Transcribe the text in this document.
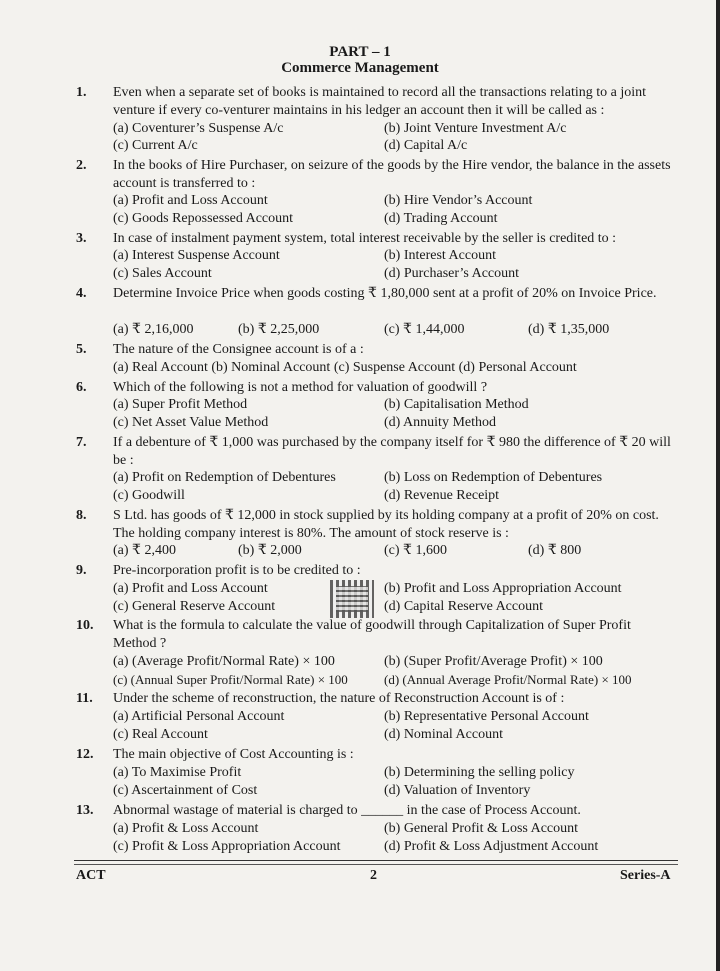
PART – 1
Commerce Management
1. Even when a separate set of books is maintained to record all the transactions relating to a joint venture if every co-venturer maintains in his ledger an account then it will be called as :
(a) Coventurer’s Suspense A/c	(b) Joint Venture Investment A/c
(c) Current A/c	(d) Capital A/c
2. In the books of Hire Purchaser, on seizure of the goods by the Hire vendor, the balance in the assets account is transferred to :
(a) Profit and Loss Account	(b) Hire Vendor’s Account
(c) Goods Repossessed Account	(d) Trading Account
3. In case of instalment payment system, total interest receivable by the seller is credited to :
(a) Interest Suspense Account	(b) Interest Account
(c) Sales Account	(d) Purchaser’s Account
4. Determine Invoice Price when goods costing ₹ 1,80,000 sent at a profit of 20% on Invoice Price.
(a) ₹ 2,16,000	(b) ₹ 2,25,000	(c) ₹ 1,44,000	(d) ₹ 1,35,000
5. The nature of the Consignee account is of a :
(a) Real Account (b) Nominal Account (c) Suspense Account (d) Personal Account
6. Which of the following is not a method for valuation of goodwill ?
(a) Super Profit Method	(b) Capitalisation Method
(c) Net Asset Value Method	(d) Annuity Method
7. If a debenture of ₹ 1,000 was purchased by the company itself for ₹ 980 the difference of ₹ 20 will be :
(a) Profit on Redemption of Debentures	(b) Loss on Redemption of Debentures
(c) Goodwill	(d) Revenue Receipt
8. S Ltd. has goods of ₹ 12,000 in stock supplied by its holding company at a profit of 20% on cost. The holding company interest is 80%. The amount of stock reserve is :
(a) ₹ 2,400	(b) ₹ 2,000	(c) ₹ 1,600	(d) ₹ 800
9. Pre-incorporation profit is to be credited to :
(a) Profit and Loss Account	(b) Profit and Loss Appropriation Account
(c) General Reserve Account	(d) Capital Reserve Account
10. What is the formula to calculate the value of goodwill through Capitalization of Super Profit Method ?
(a) (Average Profit/Normal Rate) × 100	(b) (Super Profit/Average Profit) × 100
(c) (Annual Super Profit/Normal Rate) × 100	(d) (Annual Average Profit/Normal Rate) × 100
11. Under the scheme of reconstruction, the nature of Reconstruction Account is of :
(a) Artificial Personal Account	(b) Representative Personal Account
(c) Real Account	(d) Nominal Account
12. The main objective of Cost Accounting is :
(a) To Maximise Profit	(b) Determining the selling policy
(c) Ascertainment of Cost	(d) Valuation of Inventory
13. Abnormal wastage of material is charged to ______ in the case of Process Account.
(a) Profit & Loss Account	(b) General Profit & Loss Account
(c) Profit & Loss Appropriation Account	(d) Profit & Loss Adjustment Account
ACT	2	Series-A
